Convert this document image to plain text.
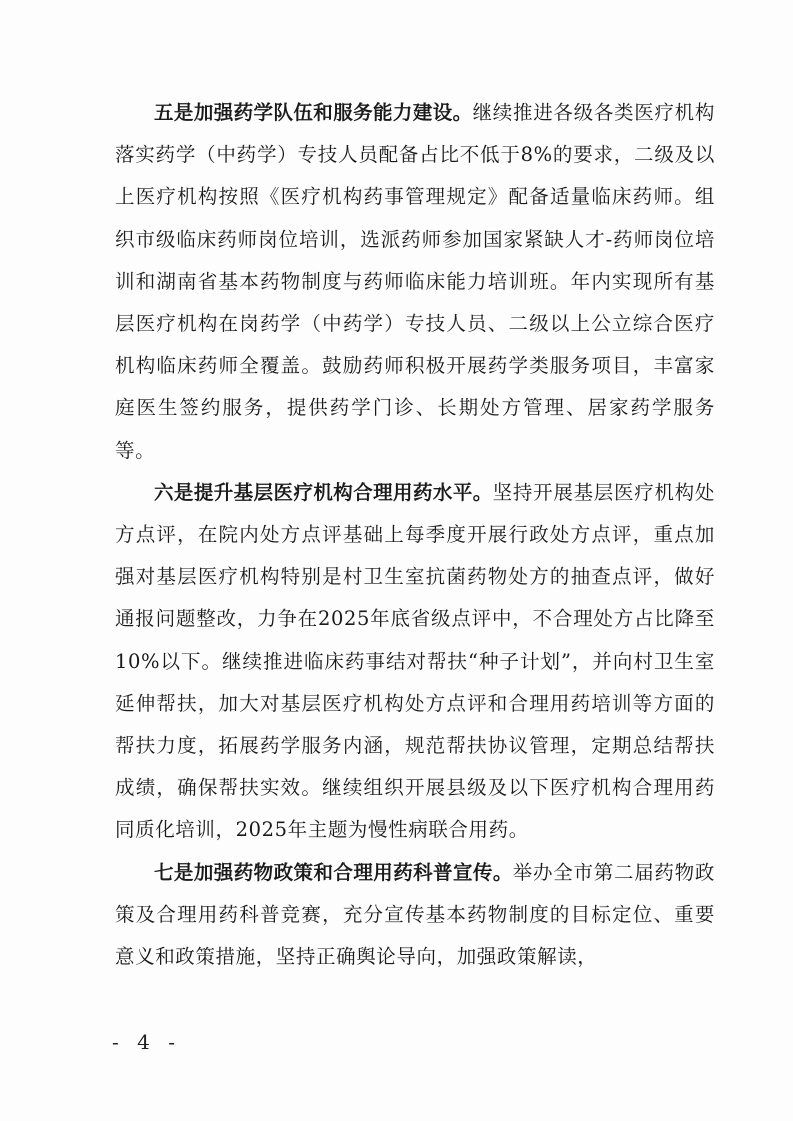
五是加强药学队伍和服务能力建设。继续推进各级各类医疗机构落实药学（中药学）专技人员配备占比不低于8%的要求，二级及以上医疗机构按照《医疗机构药事管理规定》配备适量临床药师。组织市级临床药师岗位培训，选派药师参加国家紧缺人才-药师岗位培训和湖南省基本药物制度与药师临床能力培训班。年内实现所有基层医疗机构在岗药学（中药学）专技人员、二级以上公立综合医疗机构临床药师全覆盖。鼓励药师积极开展药学类服务项目，丰富家庭医生签约服务，提供药学门诊、长期处方管理、居家药学服务等。

六是提升基层医疗机构合理用药水平。坚持开展基层医疗机构处方点评，在院内处方点评基础上每季度开展行政处方点评，重点加强对基层医疗机构特别是村卫生室抗菌药物处方的抽查点评，做好通报问题整改，力争在2025年底省级点评中，不合理处方占比降至10%以下。继续推进临床药事结对帮扶“种子计划”，并向村卫生室延伸帮扶，加大对基层医疗机构处方点评和合理用药培训等方面的帮扶力度，拓展药学服务内涵，规范帮扶协议管理，定期总结帮扶成绩，确保帮扶实效。继续组织开展县级及以下医疗机构合理用药同质化培训，2025年主题为慢性病联合用药。

七是加强药物政策和合理用药科普宣传。举办全市第二届药物政策及合理用药科普竞赛，充分宣传基本药物制度的目标定位、重要意义和政策措施，坚持正确舆论导向，加强政策解读，

- 4 -
